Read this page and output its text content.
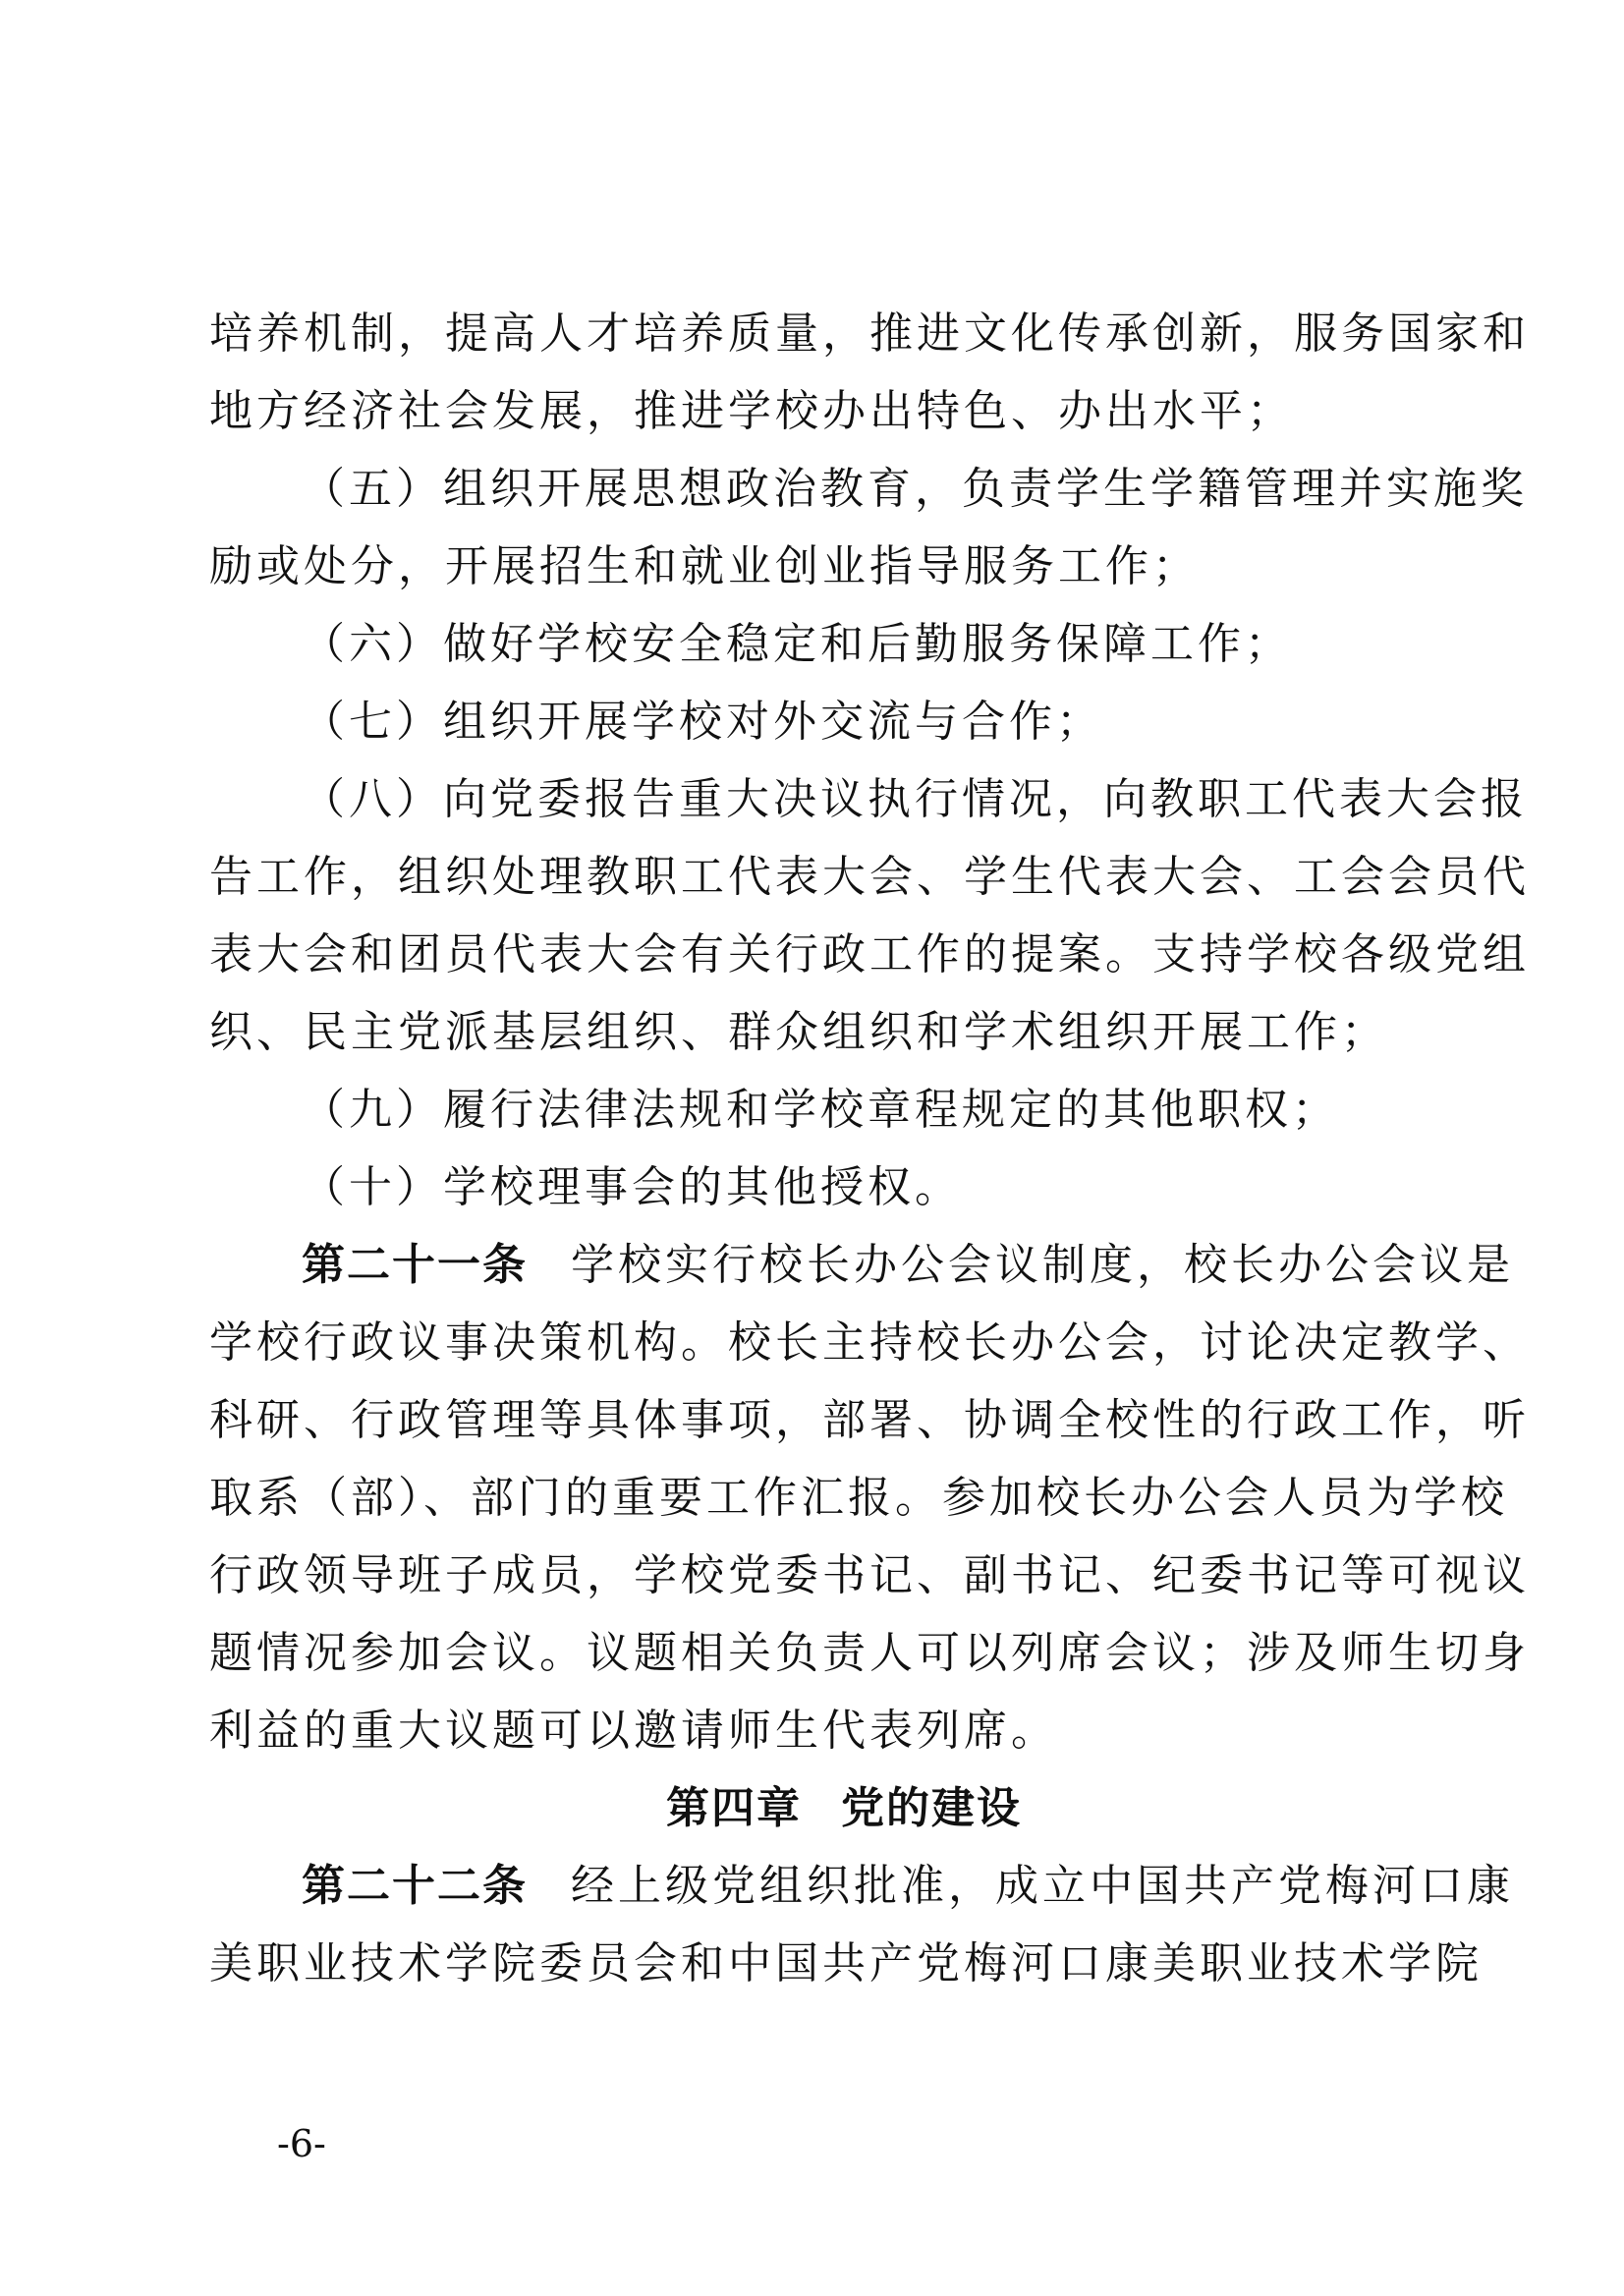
培养机制，提高人才培养质量，推进文化传承创新，服务国家和
地方经济社会发展，推进学校办出特色、办出水平；
（五）组织开展思想政治教育，负责学生学籍管理并实施奖
励或处分，开展招生和就业创业指导服务工作；
（六）做好学校安全稳定和后勤服务保障工作；
（七）组织开展学校对外交流与合作；
（八）向党委报告重大决议执行情况，向教职工代表大会报
告工作，组织处理教职工代表大会、学生代表大会、工会会员代
表大会和团员代表大会有关行政工作的提案。支持学校各级党组
织、民主党派基层组织、群众组织和学术组织开展工作；
（九）履行法律法规和学校章程规定的其他职权；
（十）学校理事会的其他授权。
第二十一条 学校实行校长办公会议制度，校长办公会议是
学校行政议事决策机构。校长主持校长办公会，讨论决定教学、
科研、行政管理等具体事项，部署、协调全校性的行政工作，听
取系（部）、部门的重要工作汇报。参加校长办公会人员为学校
行政领导班子成员，学校党委书记、副书记、纪委书记等可视议
题情况参加会议。议题相关负责人可以列席会议；涉及师生切身
利益的重大议题可以邀请师生代表列席。
第四章 党的建设
第二十二条 经上级党组织批准，成立中国共产党梅河口康
美职业技术学院委员会和中国共产党梅河口康美职业技术学院
-6-
